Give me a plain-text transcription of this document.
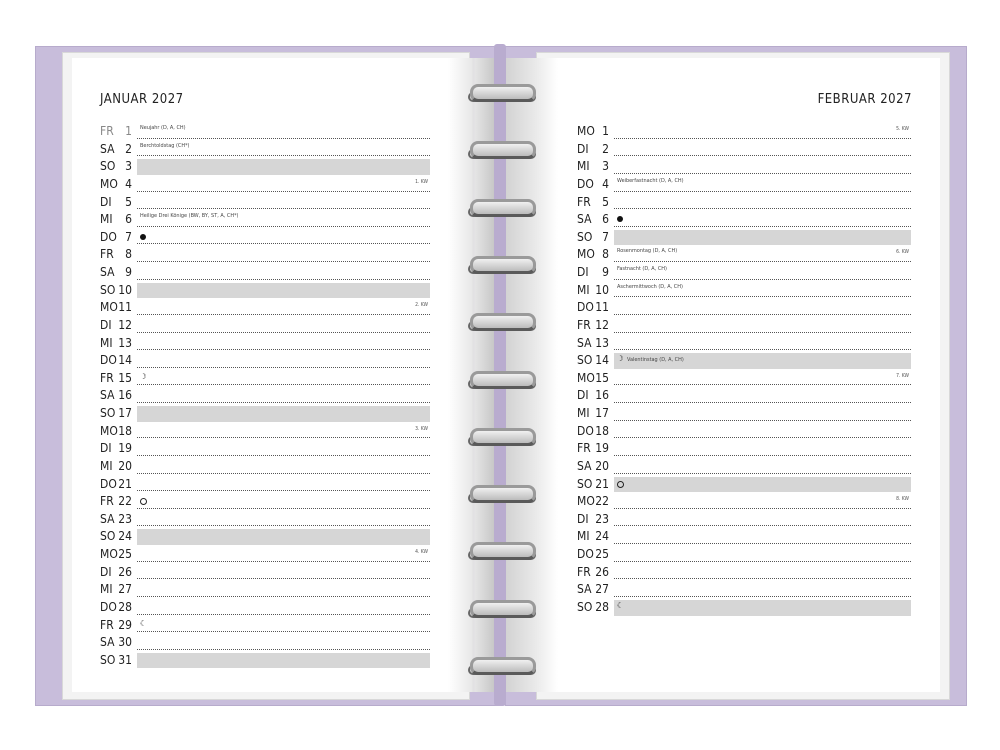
JANUAR 2027	FEBRUAR 2027
FR 1 Neujahr (D, A, CH)
SA 2 Berchtoldstag (CH*)
SO 3
MO 4	1. KW
DI	5
MI	6 Heilige Drei Könige (BW, BY, ST, A, CH*)
DO 7
FR 8
SA 9
SO 10
MO 11	2. KW
DI 12
MI 13
DO 14
FR 15 ☽
SA 16
SO 17
MO 18	3. KW
DI 19
MI 20
DO 21
FR 22
SA 23
SO 24
MO 25	4. KW
DI 26
MI 27
DO 28
FR 29 ☾
SA 30
SO 31
MO 1	5. KW
DI	2
MI	3
DO 4 Weiberfastnacht (D, A, CH)
FR 5
SA 6
SO 7
MO 8 Rosenmontag (D, A, CH)	6. KW
DI	9 Fastnacht (D, A, CH)
MI 10 Aschermittwoch (D, A, CH)
DO 11
FR 12
SA 13
SO 14 ☽ Valentinstag (D, A, CH)
MO 15	7. KW
DI 16
MI 17
DO 18
FR 19
SA 20
SO 21
MO 22	8. KW
DI 23
MI 24
DO 25
FR 26
SA 27
SO 28 ☾
